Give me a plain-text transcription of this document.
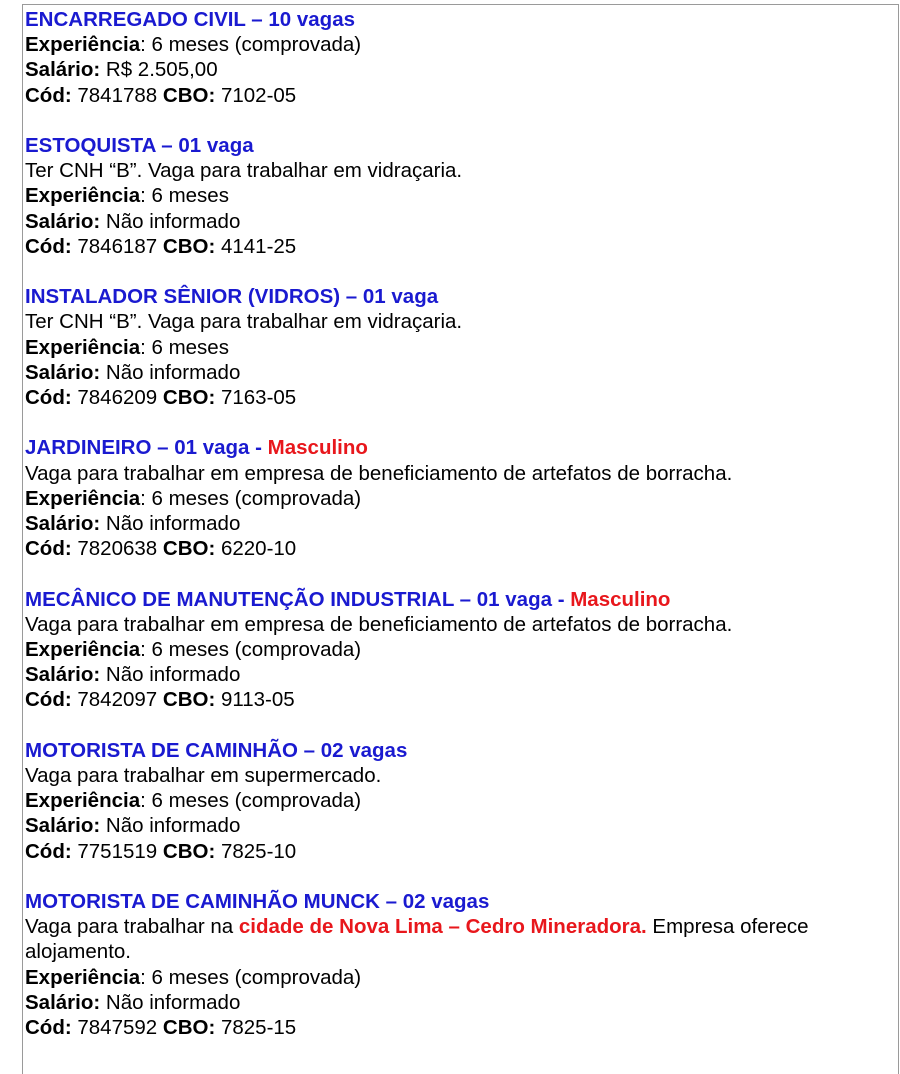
ENCARREGADO CIVIL – 10 vagas
Experiência: 6 meses (comprovada)
Salário: R$ 2.505,00
Cód: 7841788 CBO: 7102-05
ESTOQUISTA – 01 vaga
Ter CNH “B”. Vaga para trabalhar em vidraçaria.
Experiência: 6 meses
Salário: Não informado
Cód: 7846187 CBO: 4141-25
INSTALADOR SÊNIOR (VIDROS) – 01 vaga
Ter CNH “B”. Vaga para trabalhar em vidraçaria.
Experiência: 6 meses
Salário: Não informado
Cód: 7846209 CBO: 7163-05
JARDINEIRO – 01 vaga - Masculino
Vaga para trabalhar em empresa de beneficiamento de artefatos de borracha.
Experiência: 6 meses (comprovada)
Salário: Não informado
Cód: 7820638 CBO: 6220-10
MECÂNICO DE MANUTENÇÃO INDUSTRIAL – 01 vaga - Masculino
Vaga para trabalhar em empresa de beneficiamento de artefatos de borracha.
Experiência: 6 meses (comprovada)
Salário: Não informado
Cód: 7842097 CBO: 9113-05
MOTORISTA DE CAMINHÃO – 02 vagas
Vaga para trabalhar em supermercado.
Experiência: 6 meses (comprovada)
Salário: Não informado
Cód: 7751519 CBO: 7825-10
MOTORISTA DE CAMINHÃO MUNCK – 02 vagas
Vaga para trabalhar na cidade de Nova Lima – Cedro Mineradora. Empresa oferece alojamento.
Experiência: 6 meses (comprovada)
Salário: Não informado
Cód: 7847592 CBO: 7825-15
